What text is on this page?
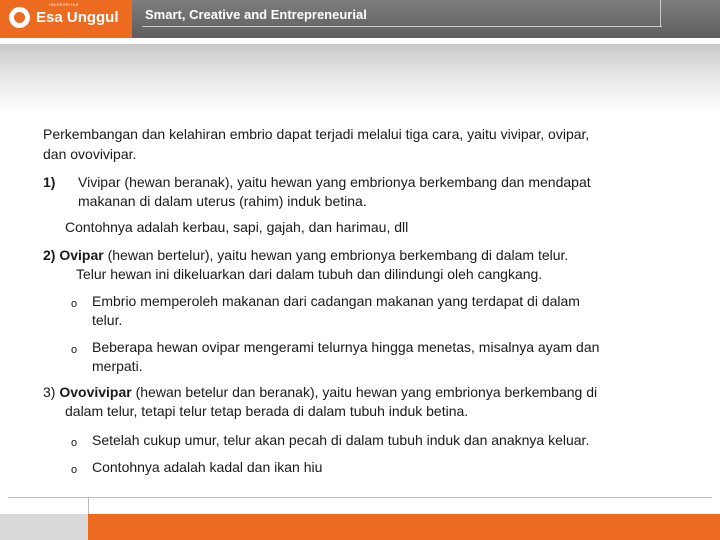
UNIVERSITAS
Esa Unggul Smart, Creative and Entrepreneurial
Perkembangan dan kelahiran embrio dapat terjadi melalui tiga cara, yaitu vivipar, ovipar,
dan ovovivipar.
1) Vivipar (hewan beranak), yaitu hewan yang embrionya berkembang dan mendapat
makanan di dalam uterus (rahim) induk betina.
Contohnya adalah kerbau, sapi, gajah, dan harimau, dll
2) Ovipar (hewan bertelur), yaitu hewan yang embrionya berkembang di dalam telur.
Telur hewan ini dikeluarkan dari dalam tubuh dan dilindungi oleh cangkang.
o Embrio memperoleh makanan dari cadangan makanan yang terdapat di dalam
telur.
o Beberapa hewan ovipar mengerami telurnya hingga menetas, misalnya ayam dan
merpati.
3) Ovovivipar (hewan betelur dan beranak), yaitu hewan yang embrionya berkembang di
dalam telur, tetapi telur tetap berada di dalam tubuh induk betina.
o Setelah cukup umur, telur akan pecah di dalam tubuh induk dan anaknya keluar.
o Contohnya adalah kadal dan ikan hiu
